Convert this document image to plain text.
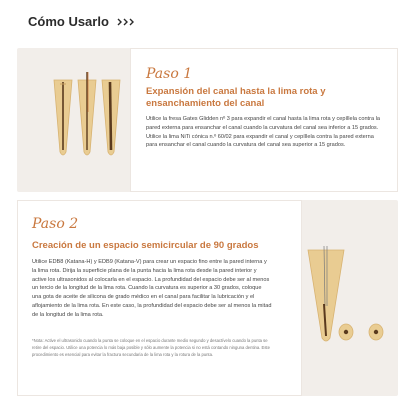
Cómo Usarlo
Paso 1
Expansión del canal hasta la lima rota y ensanchamiento del canal
Utilice la fresa Gates Glidden nº 3 para expandir el canal hasta la lima rota y cepíllela contra la pared externa para ensanchar el canal cuando la curvatura del canal sea inferior a 15 grados. Utilice la lima NiTi cónica n.º 60/02 para expandir el canal y cepíllela contra la pared externa para ensanchar el canal cuando la curvatura del canal sea superior a 15 grados.
Paso 2
Creación de un espacio semicircular de 90 grados
Utilice EDB8 (Katana-H) y EDB9 (Katana-V) para crear un espacio fino entre la pared interna y la lima rota. Dirija la superficie plana de la punta hacia la lima rota desde la pared interior y active los ultrasonidos al colocarla en el espacio. La profundidad del espacio debe ser al menos un tercio de la longitud de la lima rota. Cuando la curvatura es superior a 30 grados, coloque una gota de aceite de silicona de grado médico en el canal para facilitar la lubricación y el aflojamiento de la lima rota. En este caso, la profundidad del espacio debe ser al menos la mitad de la longitud de la lima rota.
*Nota: Active el ultrasonido cuando la punta se coloque en el espacio durante medio segundo y desactívelo cuando la punta se retire del espacio. Utilice una potencia lo más baja posible y sólo aumente la potencia si no está contando ninguna dentina. Este procedimiento es esencial para evitar la fractura secundaria de la lima rota y la rotura de la punta.
